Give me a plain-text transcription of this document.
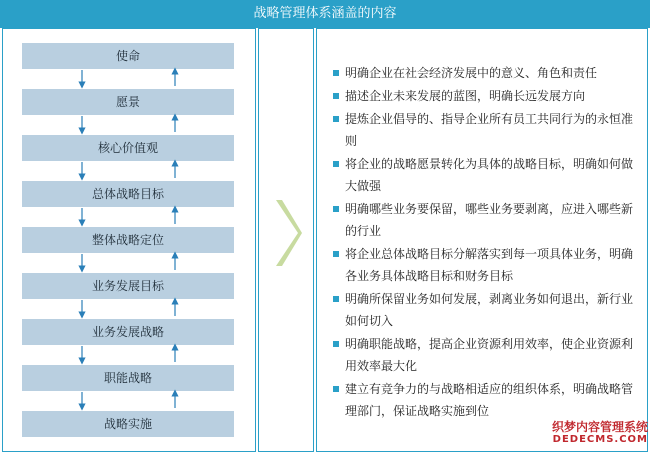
战略管理体系涵盖的内容
使命
愿景
核心价值观
总体战略目标
整体战略定位
业务发展目标
业务发展战略
职能战略
战略实施
明确企业在社会经济发展中的意义、角色和责任
描述企业未来发展的蓝图，明确长远发展方向
提炼企业倡导的、指导企业所有员工共同行为的永恒准则
将企业的战略愿景转化为具体的战略目标，明确如何做大做强
明确哪些业务要保留，哪些业务要剥离，应进入哪些新的行业
将企业总体战略目标分解落实到每一项具体业务，明确各业务具体战略目标和财务目标
明确所保留业务如何发展，剥离业务如何退出，新行业如何切入
明确职能战略，提高企业资源利用效率，使企业资源利用效率最大化
建立有竞争力的与战略相适应的组织体系，明确战略管理部门，保证战略实施到位
织梦内容管理系统
DEDECMS.COM
